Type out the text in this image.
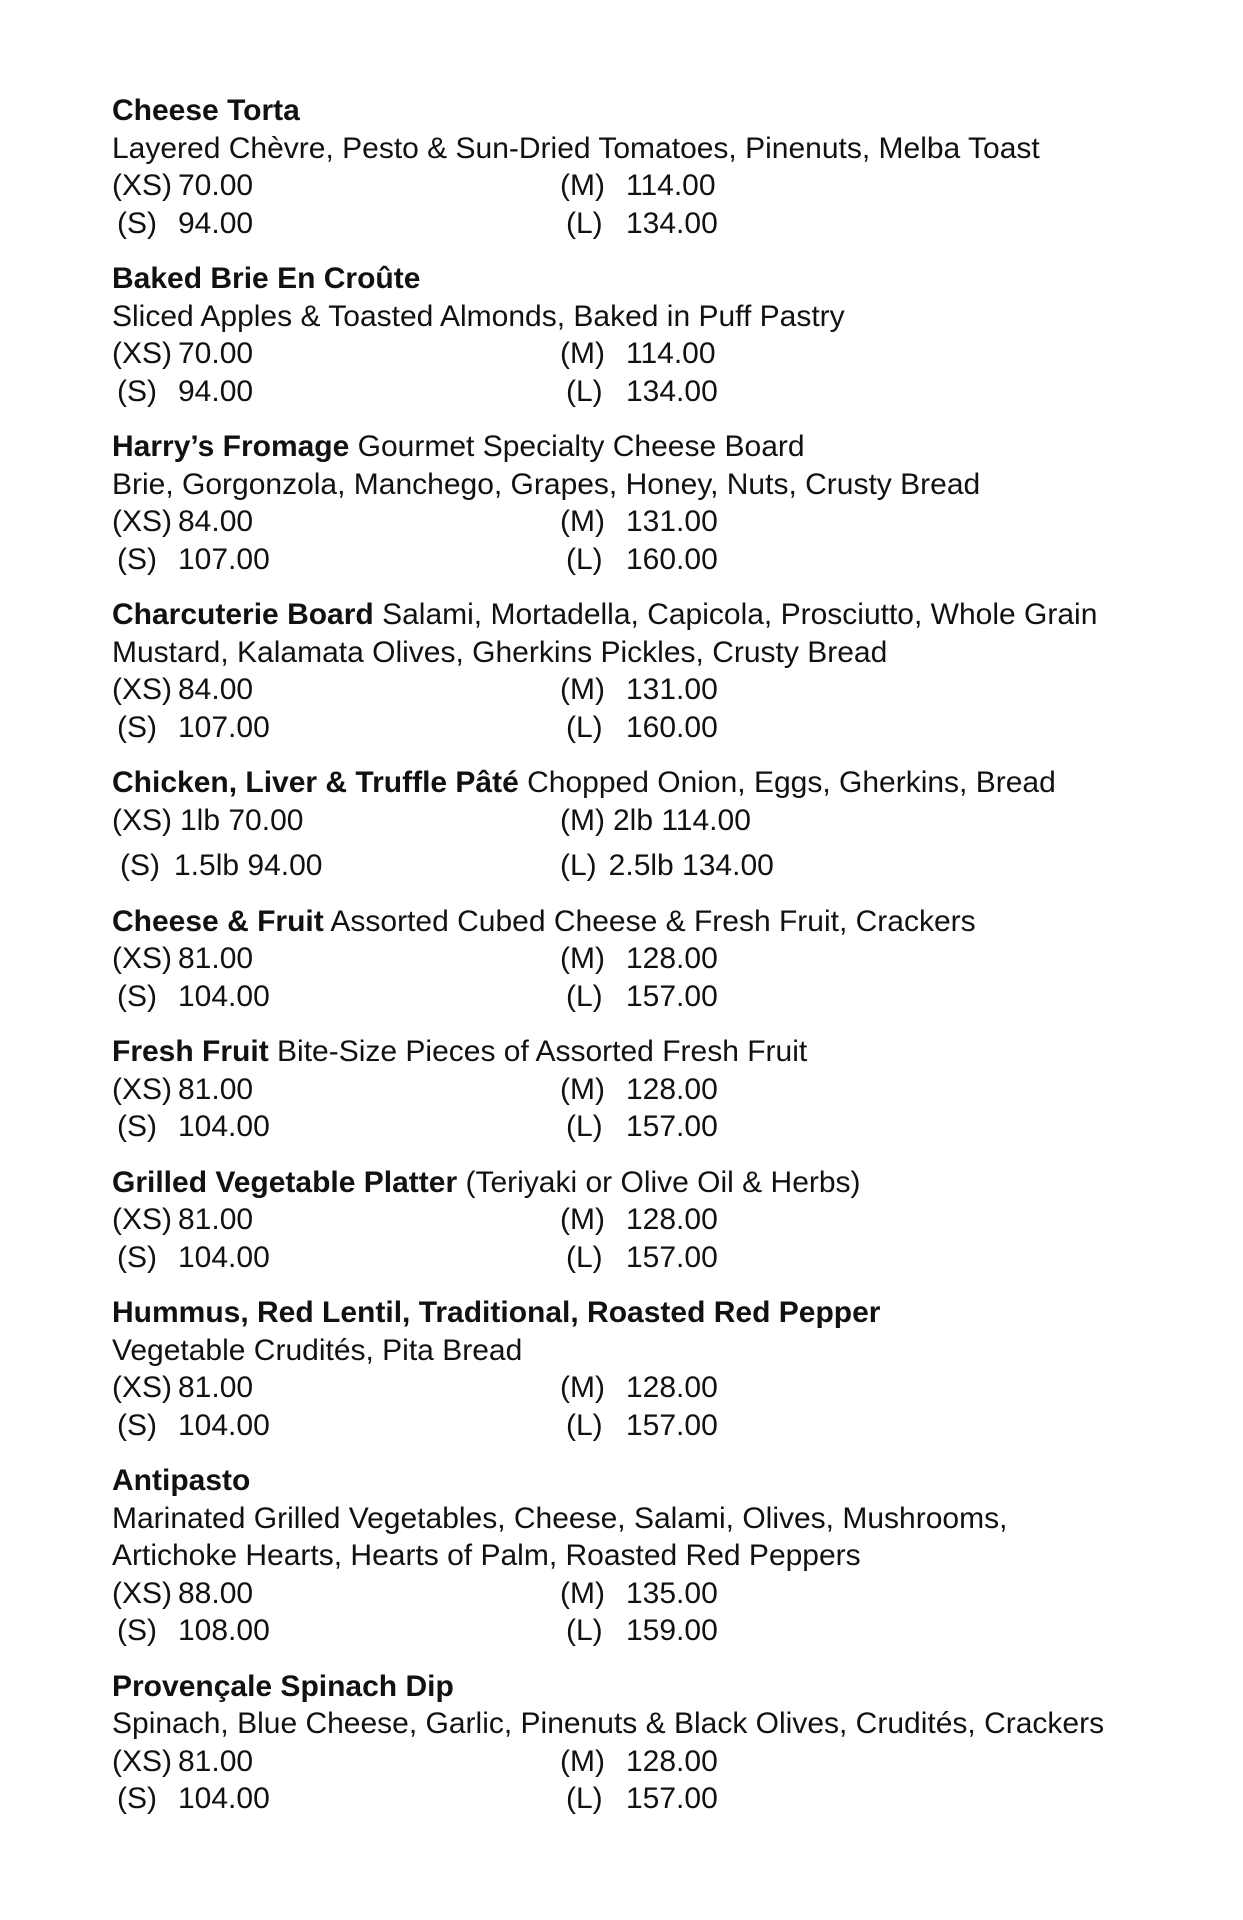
Cheese Torta
Layered Chèvre, Pesto & Sun-Dried Tomatoes, Pinenuts, Melba Toast
(XS) 70.00	(M) 114.00
(S) 94.00	(L) 134.00
Baked Brie En Croûte
Sliced Apples & Toasted Almonds, Baked in Puff Pastry
(XS) 70.00	(M) 114.00
(S) 94.00	(L) 134.00
Harry’s Fromage Gourmet Specialty Cheese Board
Brie, Gorgonzola, Manchego, Grapes, Honey, Nuts, Crusty Bread
(XS) 84.00	(M) 131.00
(S) 107.00	(L) 160.00
Charcuterie Board Salami, Mortadella, Capicola, Prosciutto, Whole Grain
Mustard, Kalamata Olives, Gherkins Pickles, Crusty Bread
(XS) 84.00	(M) 131.00
(S) 107.00	(L) 160.00
Chicken, Liver & Truffle Pâté Chopped Onion, Eggs, Gherkins, Bread
(XS) 1lb 70.00	(M) 2lb 114.00
(S) 1.5lb 94.00	(L) 2.5lb 134.00
Cheese & Fruit Assorted Cubed Cheese & Fresh Fruit, Crackers
(XS) 81.00	(M) 128.00
(S) 104.00	(L) 157.00
Fresh Fruit Bite-Size Pieces of Assorted Fresh Fruit
(XS) 81.00	(M) 128.00
(S) 104.00	(L) 157.00
Grilled Vegetable Platter (Teriyaki or Olive Oil & Herbs)
(XS) 81.00	(M) 128.00
(S) 104.00	(L) 157.00
Hummus, Red Lentil, Traditional, Roasted Red Pepper
Vegetable Crudités, Pita Bread
(XS) 81.00	(M) 128.00
(S) 104.00	(L) 157.00
Antipasto
Marinated Grilled Vegetables, Cheese, Salami, Olives, Mushrooms,
Artichoke Hearts, Hearts of Palm, Roasted Red Peppers
(XS) 88.00	(M) 135.00
(S) 108.00	(L) 159.00
Provençale Spinach Dip
Spinach, Blue Cheese, Garlic, Pinenuts & Black Olives, Crudités, Crackers
(XS) 81.00	(M) 128.00
(S) 104.00	(L) 157.00
